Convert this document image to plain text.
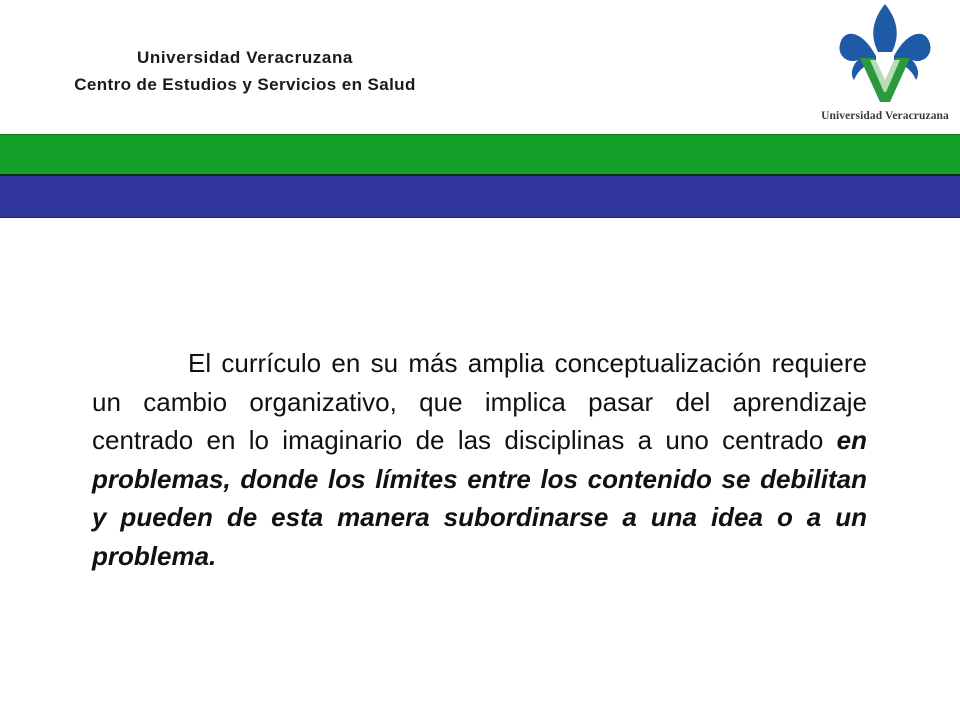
Universidad Veracruzana
Centro de Estudios y Servicios en Salud
Universidad Veracruzana

El currículo en su más amplia conceptualización requiere un cambio organizativo, que implica pasar del aprendizaje centrado en lo imaginario de las disciplinas a uno centrado en problemas, donde los límites entre los contenido se debilitan y pueden de esta manera subordinarse a una idea o a un problema.
